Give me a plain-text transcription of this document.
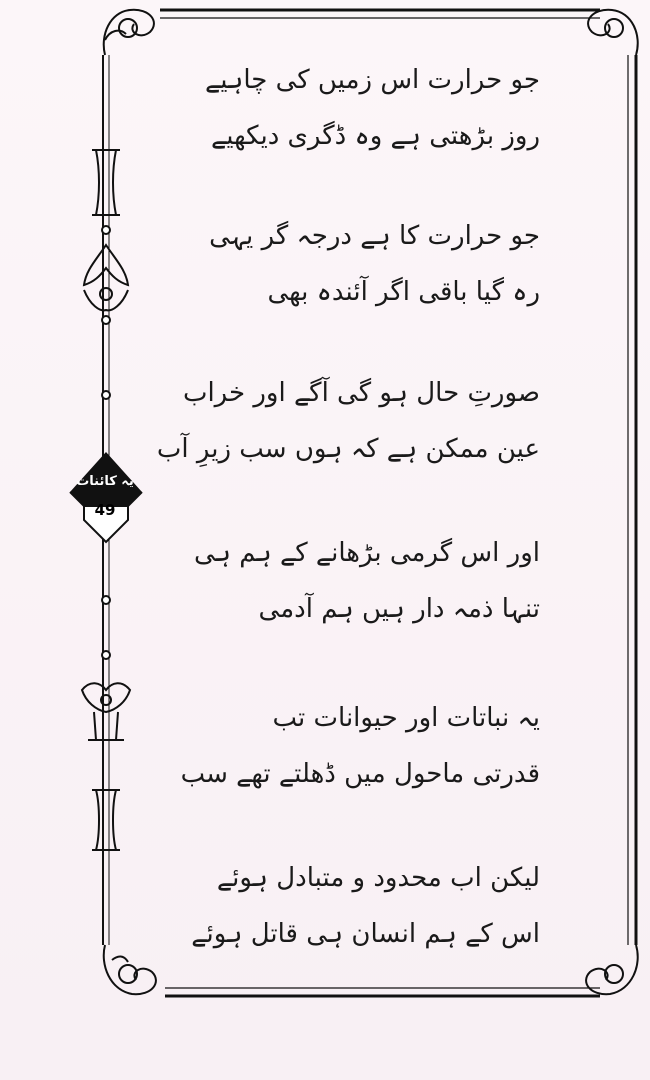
یہ کائنات
49
جو حرارت اس زمیں کی چاہیے
روز بڑھتی ہے وہ ڈگری دیکھیے
جو حرارت کا ہے درجہ گر یہی
رہ گیا باقی اگر آئندہ بھی
صورتِ حال ہو گی آگے اور خراب
عین ممکن ہے کہ ہوں سب زیرِ آب
اور اس گرمی بڑھانے کے ہم ہی
تنہا ذمہ دار ہیں ہم آدمی
یہ نباتات اور حیوانات تب
قدرتی ماحول میں ڈھلتے تھے سب
لیکن اب محدود و متبادل ہوئے
اس کے ہم انسان ہی قاتل ہوئے
